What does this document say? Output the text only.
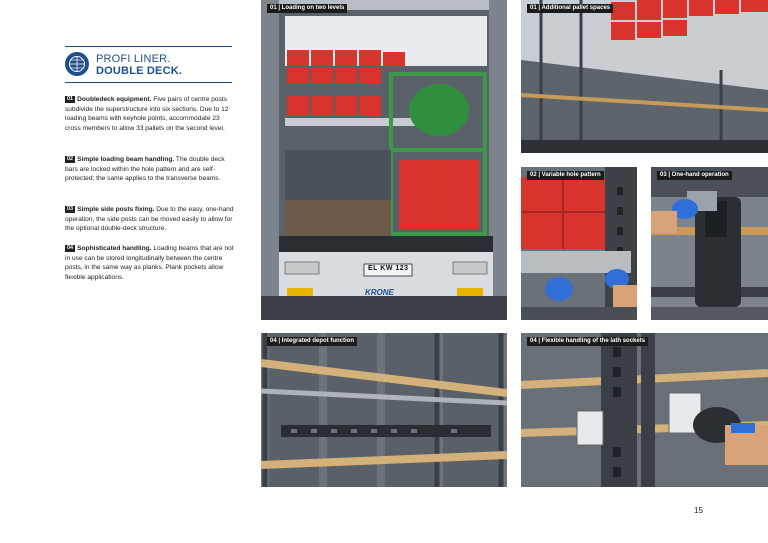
PROFI LINER.
DOUBLE DECK.
01 Doubledeck equipment. Five pairs of centre posts subdivide the superstructure into six sections. Due to 12 loading beams with keyhole points, accommodate 23 cross members to allow 33 pallets on the second level.
02 Simple loading beam handling. The double deck bars are locked within the hole pattern and are self-protected; the same applies to the transverse beams.
03 Simple side posts fixing. Due to the easy, one-hand operation, the side posts can be moved easily to allow for the optional double-deck structure.
04 Sophisticated handling. Loading beams that are not in use can be stored longitudinally between the centre posts, in the same way as planks. Plank pockets allow flexible applications.
EL KW 123
KRONE
01 | Loading on two levels	01 | Additional pallet spaces
02 | Variable hole pattern	03 | One-hand operation
04 | Integrated depot function	04 | Flexible handling of the lath sockets
15
